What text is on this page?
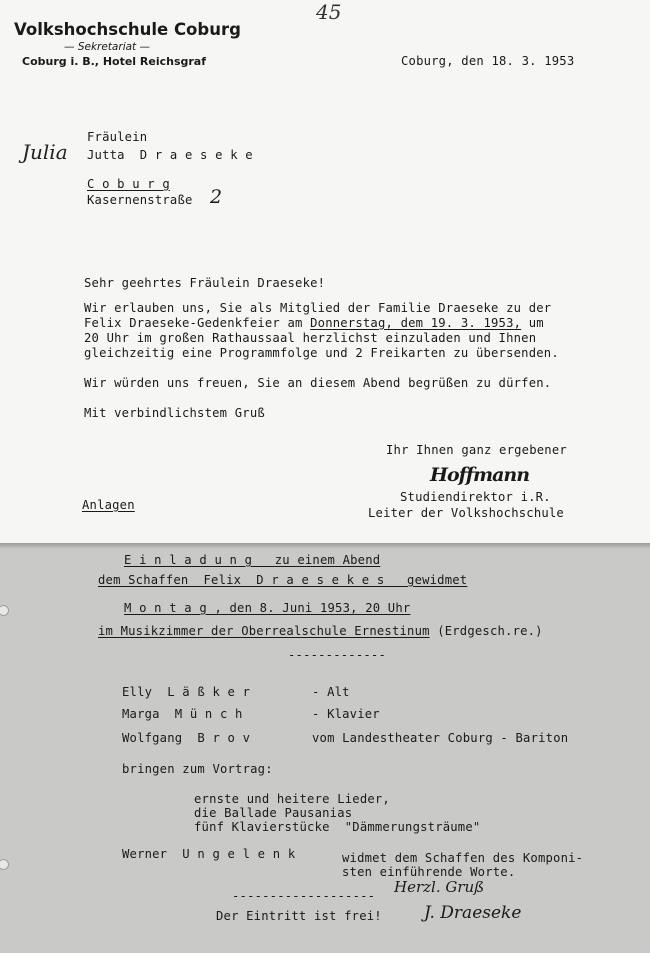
45
Volkshochschule Coburg
— Sekretariat —
Coburg i. B., Hotel Reichsgraf	Coburg, den 18. 3. 1953
Julia
Fräulein
Jutta  D r a e s e k e
C o b u r g
Kasernenstraße 2
Sehr geehrtes Fräulein Draeseke!
Wir erlauben uns, Sie als Mitglied der Familie Draeseke zu der
Felix Draeseke-Gedenkfeier am Donnerstag, dem 19. 3. 1953, um
20 Uhr im großen Rathaussaal herzlichst einzuladen und Ihnen
gleichzeitig eine Programmfolge und 2 Freikarten zu übersenden.
Wir würden uns freuen, Sie an diesem Abend begrüßen zu dürfen.
Mit verbindlichstem Gruß
Ihr Ihnen ganz ergebener
Hoffmann
Studiendirektor i.R.
Leiter der Volkshochschule
Anlagen
E i n l a d u n g   zu einem Abend
dem Schaffen  Felix  D r a e s e k e s   gewidmet
M o n t a g , den 8. Juni 1953, 20 Uhr
im Musikzimmer der Oberrealschule Ernestinum (Erdgesch.re.)
-------------
Elly  L ä ß k e r	- Alt
Marga  M ü n c h	- Klavier
Wolfgang  B r o v	vom Landestheater Coburg - Bariton
bringen zum Vortrag:
ernste und heitere Lieder,
die Ballade Pausanias
fünf Klavierstücke  "Dämmerungsträume"
Werner  U n g e l e n k	widmet dem Schaffen des Komponi-
sten einführende Worte.
------------------- Herzl. Gruß
Der Eintritt ist frei! J. Draeseke
